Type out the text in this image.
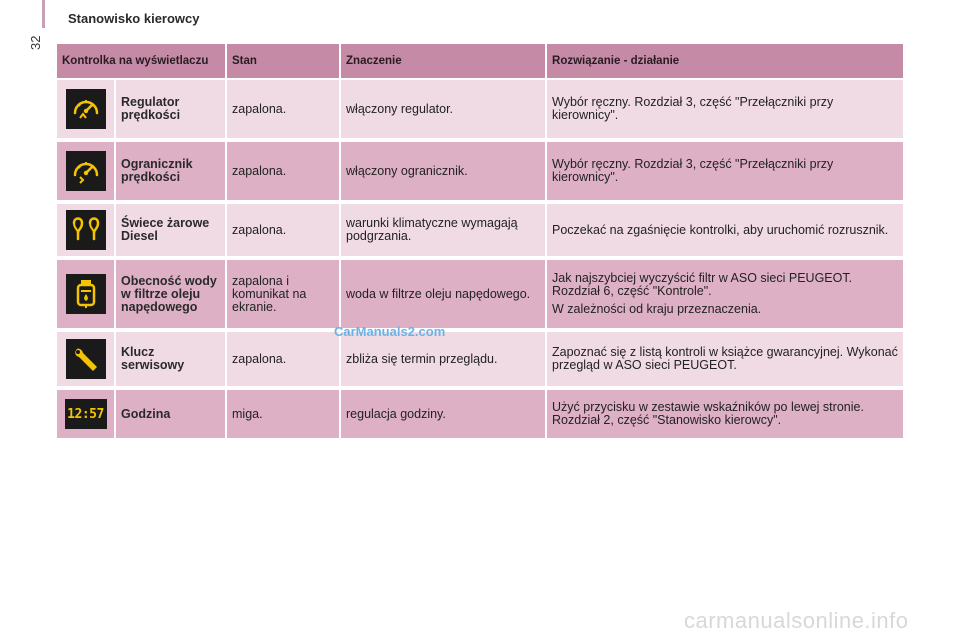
32
Stanowisko kierowcy
Kontrolka na wyświetlaczu		Stan	Znaczenie	Rozwiązanie - działanie

	Regulator prędkości	zapalona.	włączony regulator.	Wybór ręczny. Rozdział 3, część "Przełączniki przy kierownicy".

	Ogranicznik prędkości	zapalona.	włączony ogranicznik.	Wybór ręczny. Rozdział 3, część "Przełączniki przy kierownicy".

	Świece żarowe Diesel	zapalona.	warunki klimatyczne wymagają podgrzania.	Poczekać na zgaśnięcie kontrolki, aby uruchomić rozrusznik.

	Obecność wody w filtrze oleju napędowego	zapalona i komunikat na ekranie.	woda w filtrze oleju napędowego.	Jak najszybciej wyczyścić filtr w ASO sieci PEUGEOT. Rozdział 6, część "Kontrole".

W zależności od kraju przeznaczenia.

	Klucz serwisowy	zapalona.	zbliża się termin przeglądu.	Zapoznać się z listą kontroli w książce gwarancyjnej. Wykonać przegląd w ASO sieci PEUGEOT.

12:57	Godzina	miga.	regulacja godziny.	Użyć przycisku w zestawie wskaźników po lewej stronie. Rozdział 2, część "Stanowisko kierowcy".

CarManuals2.com
carmanualsonline.info
